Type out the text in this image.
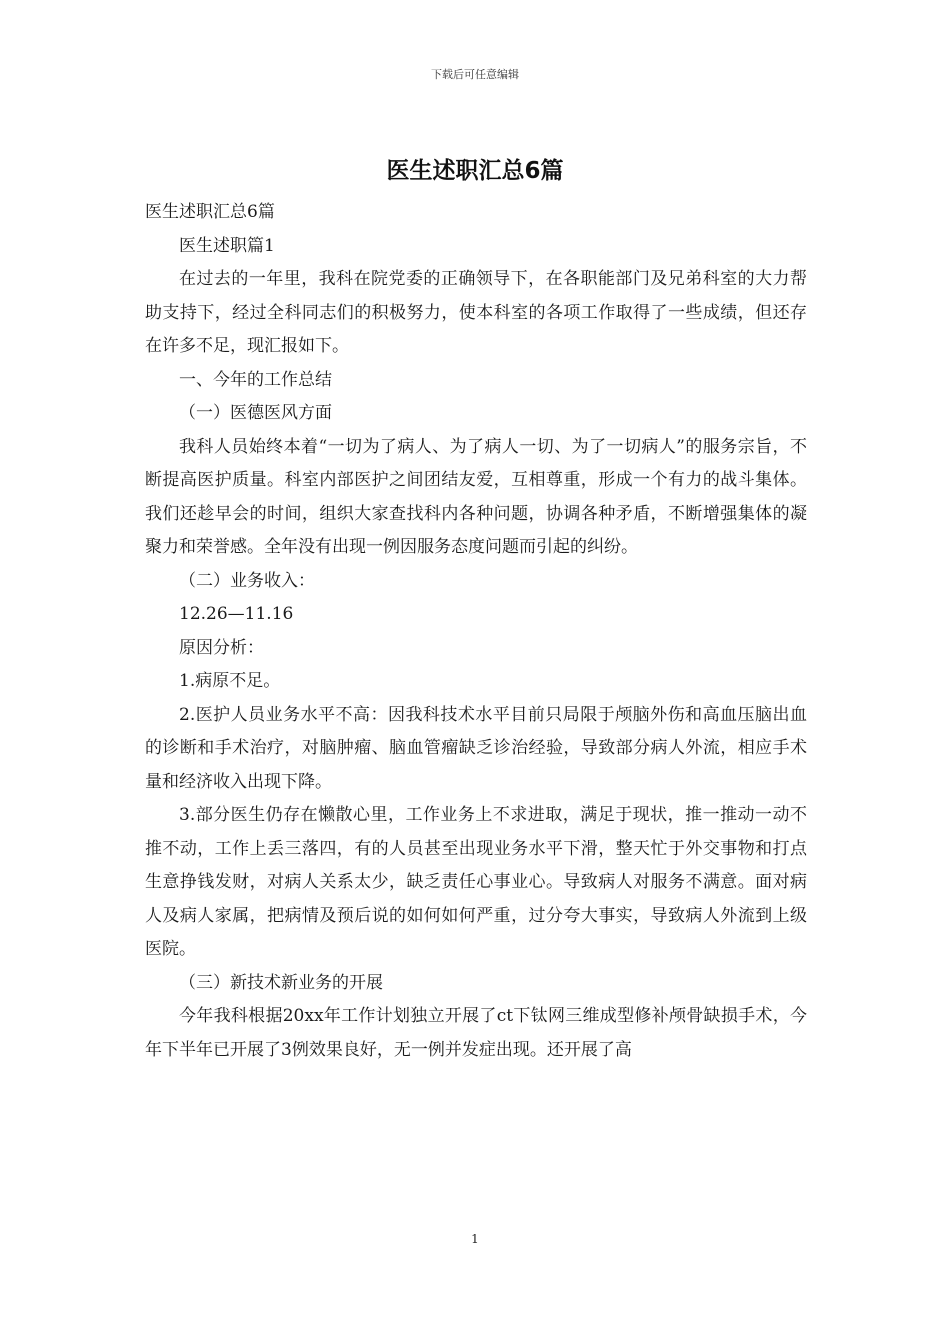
下载后可任意编辑
医生述职汇总6篇

医生述职汇总6篇

医生述职篇1

在过去的一年里，我科在院党委的正确领导下，在各职能部门及兄弟科室的大力帮助支持下，经过全科同志们的积极努力，使本科室的各项工作取得了一些成绩，但还存在许多不足，现汇报如下。

一、今年的工作总结

（一）医德医风方面

我科人员始终本着“一切为了病人、为了病人一切、为了一切病人”的服务宗旨，不断提高医护质量。科室内部医护之间团结友爱，互相尊重，形成一个有力的战斗集体。我们还趁早会的时间，组织大家查找科内各种问题，协调各种矛盾，不断增强集体的凝聚力和荣誉感。全年没有出现一例因服务态度问题而引起的纠纷。

（二）业务收入：

12.26—11.16

原因分析：

1.病原不足。

2.医护人员业务水平不高：因我科技术水平目前只局限于颅脑外伤和高血压脑出血的诊断和手术治疗，对脑肿瘤、脑血管瘤缺乏诊治经验，导致部分病人外流，相应手术量和经济收入出现下降。

3.部分医生仍存在懒散心里，工作业务上不求进取，满足于现状，推一推动一动不推不动，工作上丢三落四，有的人员甚至出现业务水平下滑，整天忙于外交事物和打点生意挣钱发财，对病人关系太少，缺乏责任心事业心。导致病人对服务不满意。面对病人及病人家属，把病情及预后说的如何如何严重，过分夸大事实，导致病人外流到上级医院。

（三）新技术新业务的开展

今年我科根据20xx年工作计划独立开展了ct下钛网三维成型修补颅骨缺损手术，今年下半年已开展了3例效果良好，无一例并发症出现。还开展了高

1
